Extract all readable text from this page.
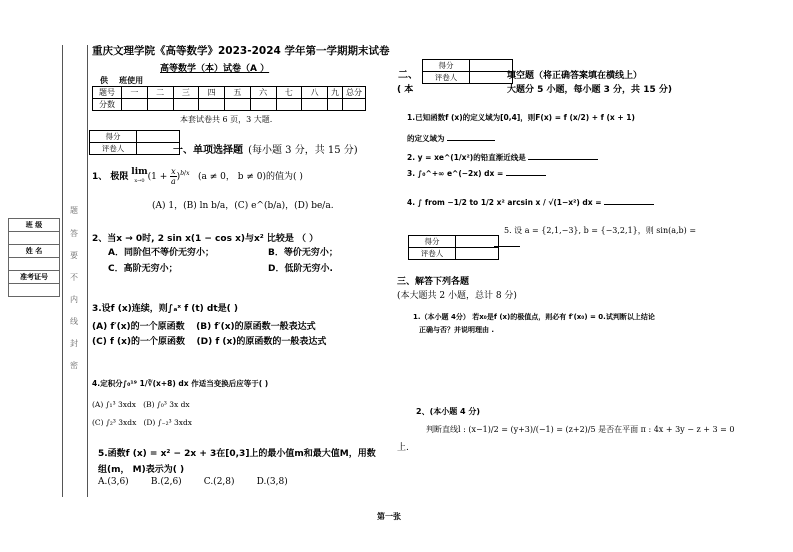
班 级

姓 名

准考证号

题
答
要
不
内
线
封
密
重庆文理学院《高等数学》2023-2024 学年第一学期期末试卷
高等数学（本）试卷（A ）
供    班使用
题号	一	二	三	四	五	六	七	八	九	总分
分数										
本套试卷共 6 页，3 大题.
得分	
评卷人		一、单项选择题 (每小题 3 分，共 15 分)
1、 极限 lim
x→0 $(1 + \frac{x}{a} )^{b/x}$ (a ≠ 0， b ≠ 0)的值为( )
(A) 1，(B) ln b/a，(C) e^(b/a)，(D) be/a.
2、当x → 0时, 2 sin x(1 − cos x)与x² 比较是 （ ）
A．同阶但不等价无穷小；	B．等价无穷小；
C．高阶无穷小；	D．低阶无穷小.
3.设f (x)连续，则∫ₐˣ f (t) dt是( )
(A) f′(x)的一个原函数 (B) f′(x)的原函数一般表达式
(C) f (x)的一个原函数 (D) f (x)的原函数的一般表达式
4.定积分∫₀¹⁹ 1/∛(x+8) dx 作适当变换后应等于( )
(A) ∫₁³ 3xdx (B) ∫₀³ 3x dx
(C) ∫₂³ 3xdx (D) ∫₋₂³ 3xdx
5.函数f (x) = x² − 2x + 3在[0,3]上的最小值m和最大值M，用数
组(m， M)表示为( )
A.(3,6) B.(2,6) C.(2,8) D.(3,8)
二、
( 本
得分	
评卷人		填空题（将正确答案填在横线上）
大题分 5 小题，每小题 3 分，共 15 分)
1.已知函数f (x)的定义域为[0,4]，则F(x) = f (x/2) + f (x + 1)
的定义域为
2. y = xe^(1/x²)的铅直渐近线是
3. ∫₀^+∞ e^(−2x) dx =
4. ∫ from −1/2 to 1/2 x² arcsin x / √(1−x²) dx =
5. 设 a = {2,1,−3}, b = {−3,2,1}，则 sin(a,b) =
得分	
评卷人	
三、解答下列各题
(本大题共 2 小题，总计 8 分)
1.（本小题 4分） 若x₀是f (x)的极值点，则必有 f′(x₀) = 0.试判断以上结论
正确与否？并说明理由 .
2、(本小题 4 分)
判断直线l : (x−1)/2 = (y+3)/(−1) = (z+2)/5 是否在平面 π : 4x + 3y − z + 3 = 0
上.
第一张
